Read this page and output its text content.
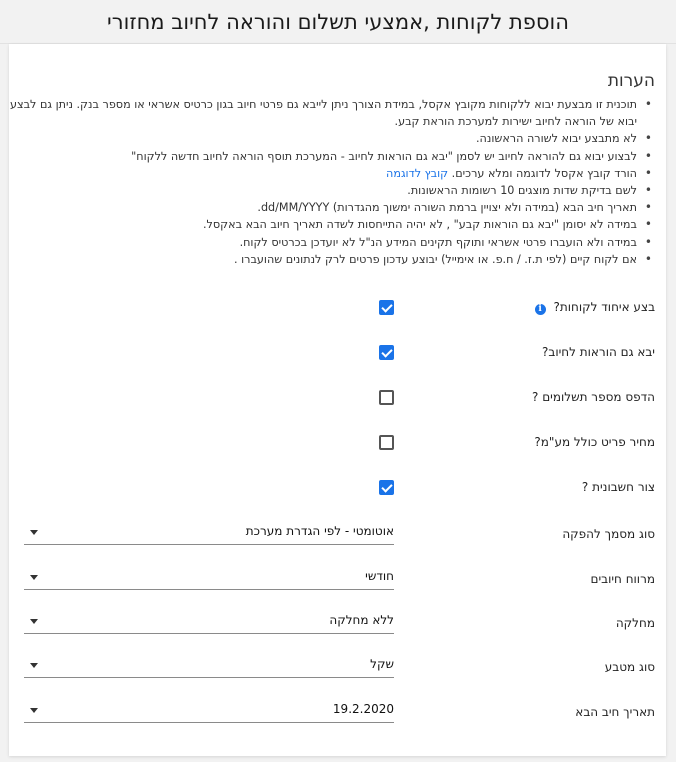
הוספת לקוחות ,אמצעי תשלום והוראה לחיוב מחזורי
הערות
• תוכנית זו מבצעת יבוא ללקוחות מקובץ אקסל, במידת הצורך ניתן לייבא גם פרטי חיוב בגון כרטיס אשראי או מספר בנק. ניתן גם לבצע יבוא של הוראה לחיוב ישירות למערכת הוראת קבע.
• לא מתבצע יבוא לשורה הראשונה.
• לבצוע יבוא גם להוראה לחיוב יש לסמן "יבא גם הוראות לחיוב - המערכת תוסף הוראה לחיוב חדשה ללקוח"
• הורד קובץ אקסל לדוגמה ומלא ערכים. קובץ לדוגמה
• לשם בדיקת שדות מוצגים 10 רשומות הראשונות.
• תאריך חיב הבא (במידה ולא יצויין ברמת השורה ימשוך מהגדרות) dd/MM/YYYY.
• במידה לא יסומן "יבא גם הוראות קבע" , לא יהיה התייחסות לשדה תאריך חיוב הבא באקסל.
• במידה ולא הועברו פרטי אשראי ותוקף תקינים המידע הנ"ל לא יועדכן בכרטיס לקוח.
• אם לקוח קיים (לפי ת.ז. / ח.פ. או אימייל) יבוצע עדכון פרטים לרק לנתונים שהועברו .
בצע איחוד לקוחות? i
יבא גם הוראות לחיוב?
הדפס מספר תשלומים ?
מחיר פריט כולל מע"מ?
צור חשבונית ?
סוג מסמך להפקה
אוטומטי - לפי הגדרת מערכת
מרווח חיובים
חודשי
מחלקה
ללא מחלקה
סוג מטבע
שקל
תאריך חיב הבא
19.2.2020
